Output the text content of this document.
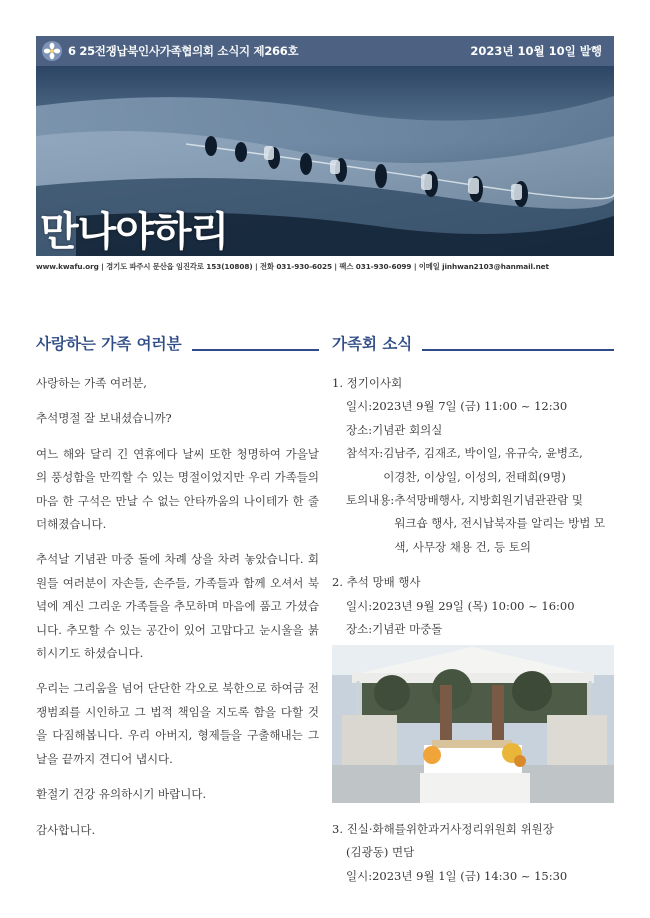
6 25전쟁납북인사가족협의회 소식지 제266호	2023년 10월 10일 발행
만나야하리
www.kwafu.org | 경기도 파주시 문산읍 임진각로 153(10808) | 전화 031-930-6025 | 팩스 031-930-6099 | 이메일 jinhwan2103@hanmail.net
사랑하는 가족 여러분	가족회 소식

사랑하는 가족 여러분,

추석명절 잘 보내셨습니까?

여느 해와 달리 긴 연휴에다 날씨 또한 청명하여 가을날의 풍성함을 만끽할 수 있는 명절이었지만 우리 가족들의 마음 한 구석은 만날 수 없는 안타까움의 나이테가 한 줄 더해졌습니다.

추석날 기념관 마중 돌에 차례 상을 차려 놓았습니다. 회원들 여러분이 자손들, 손주들, 가족들과 함께 오셔서 북녘에 계신 그리운 가족들을 추모하며 마음에 품고 가셨습니다. 추모할 수 있는 공간이 있어 고맙다고 눈시울을 붉히시기도 하셨습니다.

우리는 그리움을 넘어 단단한 각오로 북한으로 하여금 전쟁범죄를 시인하고 그 법적 책임을 지도록 함을 다할 것을 다짐해봅니다. 우리 아버지, 형제들을 구출해내는 그 날을 끝까지 견디어 냅시다.

환절기 건강 유의하시기 바랍니다.

감사합니다.

1. 정기이사회
일시: 2023년 9월 7일 (금) 11:00 ~ 12:30
장소: 기념관 회의실
참석자: 김남주, 김재조, 박이일, 유규숙, 윤병조,
이경찬, 이상일, 이성의, 전태희(9명)
토의내용: 추석망배행사, 지방회원기념관관람 및
워크숍 행사, 전시납북자를 알리는 방법 모
색, 사무장 채용 건, 등 토의
2. 추석 망배 행사
일시: 2023년 9월 29일 (목) 10:00 ~ 16:00
장소: 기념관 마중돌
3. 진실·화해를위한과거사정리위원회 위원장
(김광동) 면담
일시: 2023년 9월 1일 (금) 14:30 ~ 15:30
